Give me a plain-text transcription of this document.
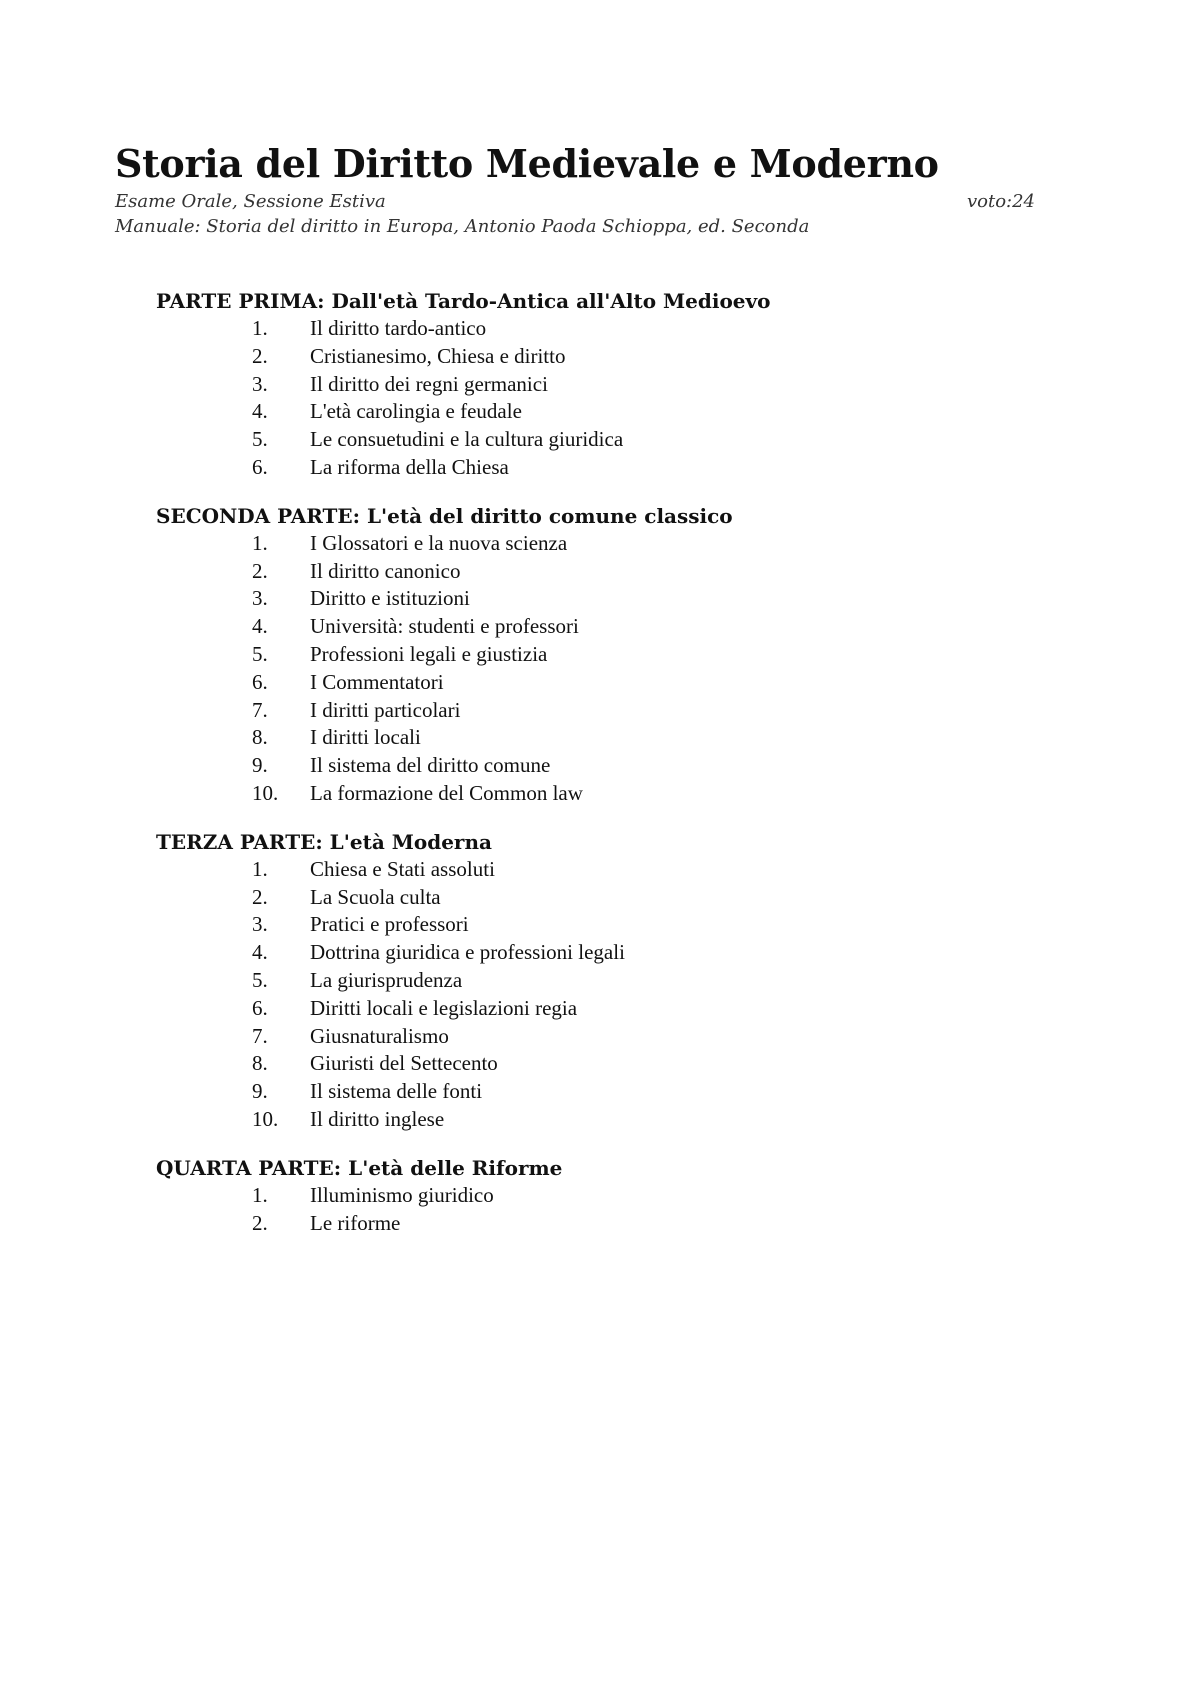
Storia del Diritto Medievale e Moderno
Esame Orale, Sessione Estiva	voto:24
Manuale: Storia del diritto in Europa, Antonio Paoda Schioppa, ed. Seconda
PARTE PRIMA: Dall'età Tardo-Antica all'Alto Medioevo
1.	Il diritto tardo-antico
2.	Cristianesimo, Chiesa e diritto
3.	Il diritto dei regni germanici
4.	L'età carolingia e feudale
5.	Le consuetudini e la cultura giuridica
6.	La riforma della Chiesa
SECONDA PARTE: L'età del diritto comune classico
1.	I Glossatori e la nuova scienza
2.	Il diritto canonico
3.	Diritto e istituzioni
4.	Università: studenti e professori
5.	Professioni legali e giustizia
6.	I Commentatori
7.	I diritti particolari
8.	I diritti locali
9.	Il sistema del diritto comune
10.	La formazione del Common law
TERZA PARTE: L'età Moderna
1.	Chiesa e Stati assoluti
2.	La Scuola culta
3.	Pratici e professori
4.	Dottrina giuridica e professioni legali
5.	La giurisprudenza
6.	Diritti locali e legislazioni regia
7.	Giusnaturalismo
8.	Giuristi del Settecento
9.	Il sistema delle fonti
10.	Il diritto inglese
QUARTA PARTE: L'età delle Riforme
1.	Illuminismo giuridico
2.	Le riforme
